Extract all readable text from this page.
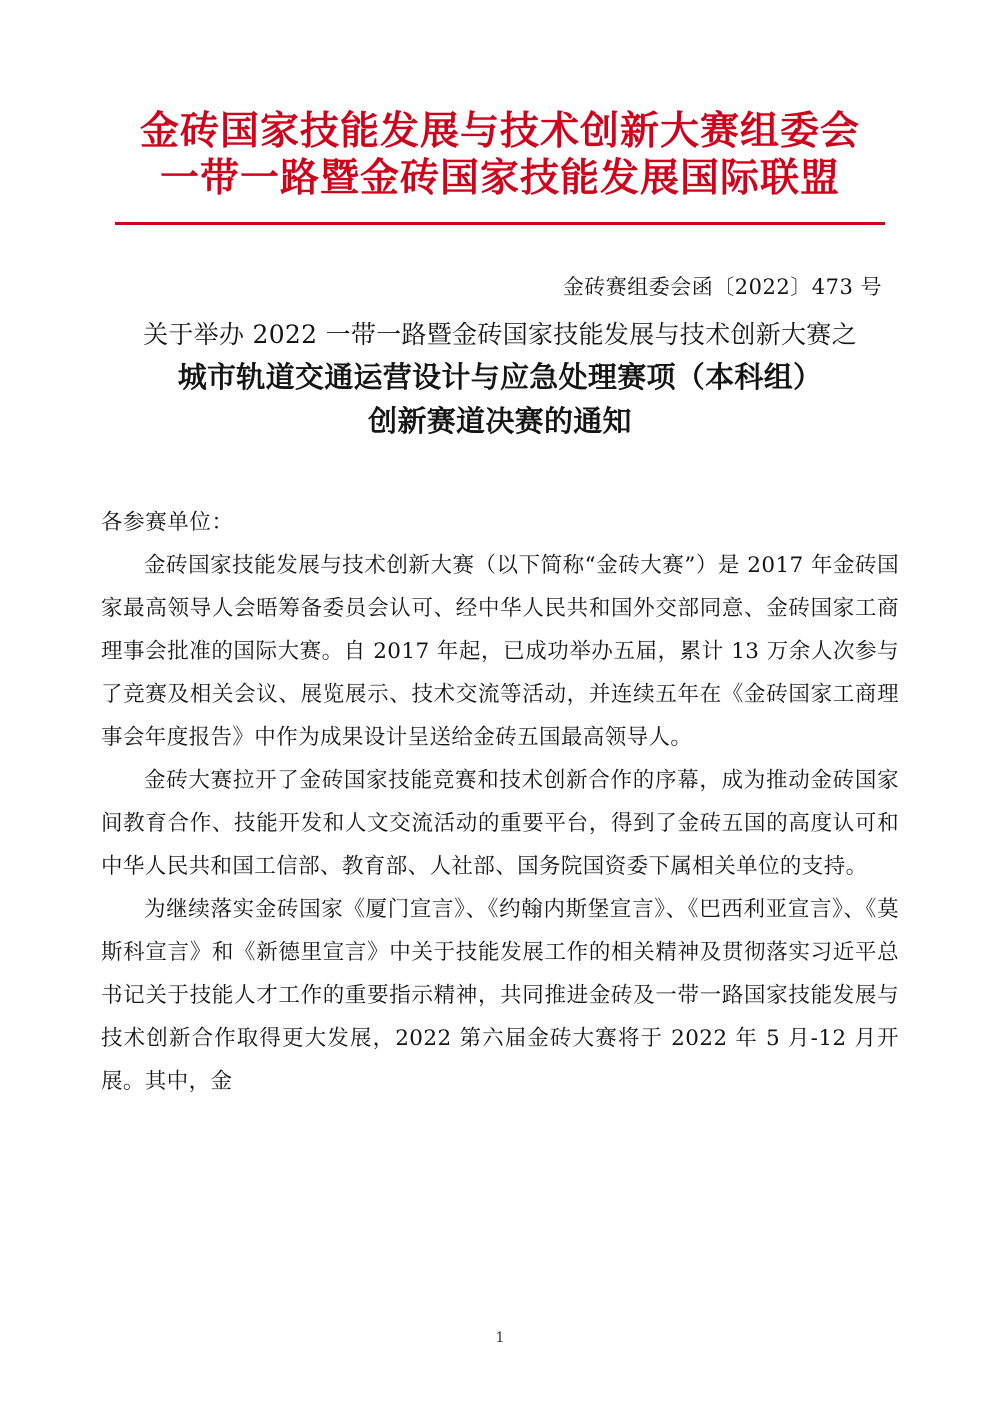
金砖国家技能发展与技术创新大赛组委会
一带一路暨金砖国家技能发展国际联盟
金砖赛组委会函〔2022〕473 号
关于举办 2022 一带一路暨金砖国家技能发展与技术创新大赛之
城市轨道交通运营设计与应急处理赛项（本科组）
创新赛道决赛的通知
各参赛单位：

金砖国家技能发展与技术创新大赛（以下简称“金砖大赛”）是 2017 年金砖国家最高领导人会晤筹备委员会认可、经中华人民共和国外交部同意、金砖国家工商理事会批准的国际大赛。自 2017 年起，已成功举办五届，累计 13 万余人次参与了竞赛及相关会议、展览展示、技术交流等活动，并连续五年在《金砖国家工商理事会年度报告》中作为成果设计呈送给金砖五国最高领导人。

金砖大赛拉开了金砖国家技能竞赛和技术创新合作的序幕，成为推动金砖国家间教育合作、技能开发和人文交流活动的重要平台，得到了金砖五国的高度认可和中华人民共和国工信部、教育部、人社部、国务院国资委下属相关单位的支持。

为继续落实金砖国家《厦门宣言》、《约翰内斯堡宣言》、《巴西利亚宣言》、《莫斯科宣言》和《新德里宣言》中关于技能发展工作的相关精神及贯彻落实习近平总书记关于技能人才工作的重要指示精神，共同推进金砖及一带一路国家技能发展与技术创新合作取得更大发展，2022 第六届金砖大赛将于 2022 年 5 月-12 月开展。其中，金

1
